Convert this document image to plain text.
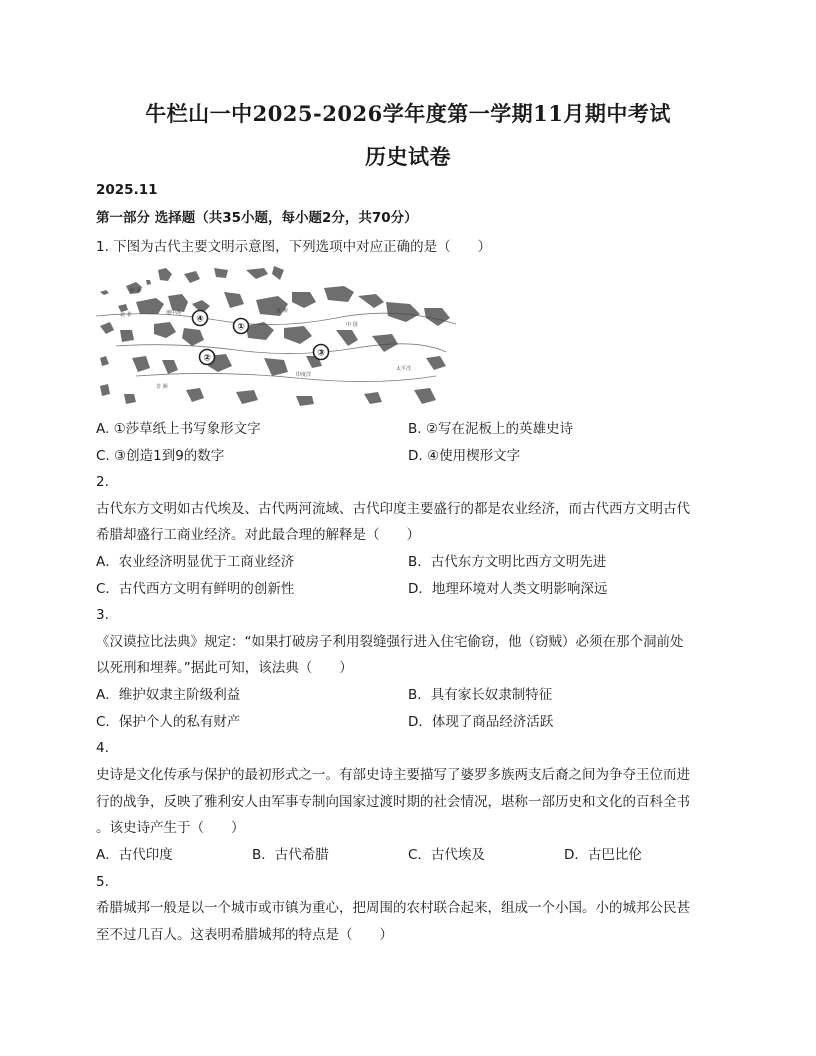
牛栏山一中2025-2026学年度第一学期11月期中考试
历史试卷
2025.11
第一部分 选择题（共35小题，每小题2分，共70分）
1. 下图为古代主要文明示意图，下列选项中对应正确的是（　　）
欧 洲
北 非	地中海	亚 洲
中 国
印度洋
非 洲
太平洋
④
①
②	③
A. ①莎草纸上书写象形文字	B. ②写在泥板上的英雄史诗
C. ③创造1到9的数字	D. ④使用楔形文字
2.
古代东方文明如古代埃及、古代两河流域、古代印度主要盛行的都是农业经济，而古代西方文明古代
希腊却盛行工商业经济。对此最合理的解释是（　　）
A．农业经济明显优于工商业经济	B．古代东方文明比西方文明先进
C．古代西方文明有鲜明的创新性	D．地理环境对人类文明影响深远
3.
《汉谟拉比法典》规定：“如果打破房子利用裂缝强行进入住宅偷窃，他（窃贼）必须在那个洞前处
以死刑和埋葬。”据此可知，该法典（　　）
A．维护奴隶主阶级利益	B．具有家长奴隶制特征
C．保护个人的私有财产	D．体现了商品经济活跃
4.
史诗是文化传承与保护的最初形式之一。有部史诗主要描写了婆罗多族两支后裔之间为争夺王位而进
行的战争，反映了雅利安人由军事专制向国家过渡时期的社会情况，堪称一部历史和文化的百科全书
。该史诗产生于（　　）
A．古代印度	B．古代希腊	C．古代埃及	D．古巴比伦
5.
希腊城邦一般是以一个城市或市镇为重心，把周围的农村联合起来，组成一个小国。小的城邦公民甚
至不过几百人。这表明希腊城邦的特点是（　　）
